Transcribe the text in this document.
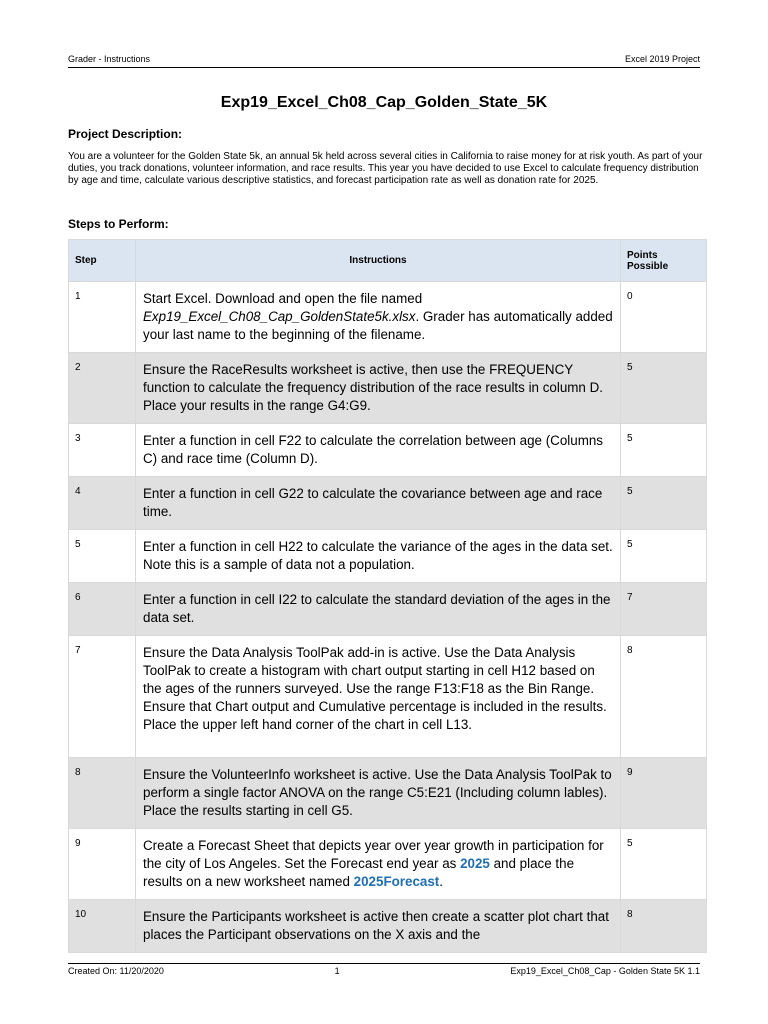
Grader - Instructions	Excel 2019 Project
Exp19_Excel_Ch08_Cap_Golden_State_5K
Project Description:
You are a volunteer for the Golden State 5k, an annual 5k held across several cities in California to raise money for at risk youth. As part of your duties, you track donations, volunteer information, and race results. This year you have decided to use Excel to calculate frequency distribution by age and time, calculate various descriptive statistics, and forecast participation rate as well as donation rate for 2025.
Steps to Perform:
Step	Instructions	Points Possible
1	Start Excel. Download and open the file named Exp19_Excel_Ch08_Cap_GoldenState5k.xlsx. Grader has automatically added your last name to the beginning of the filename.	0
2	Ensure the RaceResults worksheet is active, then use the FREQUENCY function to calculate the frequency distribution of the race results in column D. Place your results in the range G4:G9.	5
3	Enter a function in cell F22 to calculate the correlation between age (Columns C) and race time (Column D).	5
4	Enter a function in cell G22 to calculate the covariance between age and race time.	5
5	Enter a function in cell H22 to calculate the variance of the ages in the data set. Note this is a sample of data not a population.	5
6	Enter a function in cell I22 to calculate the standard deviation of the ages in the data set.	7
7	Ensure the Data Analysis ToolPak add-in is active. Use the Data Analysis ToolPak to create a histogram with chart output starting in cell H12 based on the ages of the runners surveyed. Use the range F13:F18 as the Bin Range. Ensure that Chart output and Cumulative percentage is included in the results. Place the upper left hand corner of the chart in cell L13.	8
8	Ensure the VolunteerInfo worksheet is active. Use the Data Analysis ToolPak to perform a single factor ANOVA on the range C5:E21 (Including column lables). Place the results starting in cell G5.	9
9	Create a Forecast Sheet that depicts year over year growth in participation for the city of Los Angeles. Set the Forecast end year as 2025 and place the results on a new worksheet named 2025Forecast.	5
10	Ensure the Participants worksheet is active then create a scatter plot chart that places the Participant observations on the X axis and the	8
Created On: 11/20/2020	1	Exp19_Excel_Ch08_Cap - Golden State 5K 1.1
